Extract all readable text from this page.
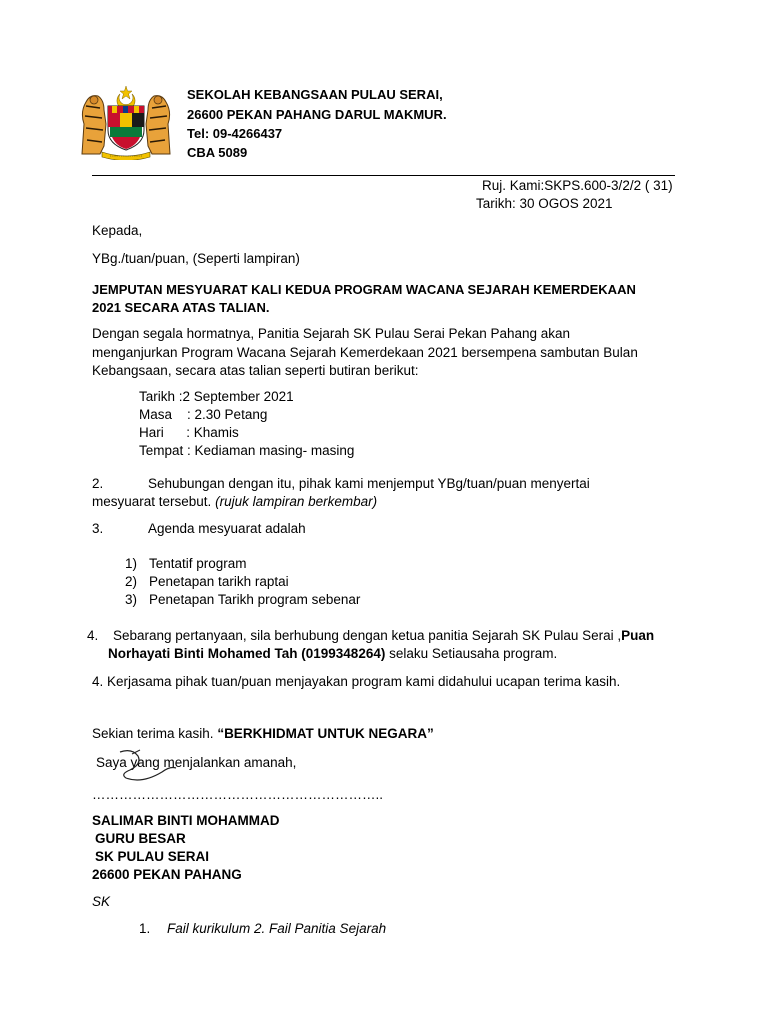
SEKOLAH KEBANGSAAN PULAU SERAI,
26600 PEKAN PAHANG DARUL MAKMUR.
Tel: 09-4266437
CBA 5089
Ruj. Kami:SKPS.600-3/2/2 ( 31)
Tarikh: 30 OGOS 2021
Kepada,
YBg./tuan/puan, (Seperti lampiran)
JEMPUTAN MESYUARAT KALI KEDUA PROGRAM WACANA SEJARAH KEMERDEKAAN
2021 SECARA ATAS TALIAN.
Dengan segala hormatnya, Panitia Sejarah SK Pulau Serai Pekan Pahang akan
menganjurkan Program Wacana Sejarah Kemerdekaan 2021 bersempena sambutan Bulan
Kebangsaan, secara atas talian seperti butiran berikut:
Tarikh :2 September 2021
Masa    : 2.30 Petang
Hari      : Khamis
Tempat : Kediaman masing- masing
2.	Sehubungan dengan itu, pihak kami menjemput YBg/tuan/puan menyertai
mesyuarat tersebut. (rujuk lampiran berkembar)
3.	Agenda mesyuarat adalah
1) Tentatif program
2) Penetapan tarikh raptai
3) Penetapan Tarikh program sebenar
4. Sebarang pertanyaan, sila berhubung dengan ketua panitia Sejarah SK Pulau Serai ,Puan
Norhayati Binti Mohamed Tah (0199348264) selaku Setiausaha program.
4. Kerjasama pihak tuan/puan menjayakan program kami didahului ucapan terima kasih.
Sekian terima kasih. “BERKHIDMAT UNTUK NEGARA”
Saya yang menjalankan amanah,
………………………………………………………..
SALIMAR BINTI MOHAMMAD
GURU BESAR
SK PULAU SERAI
26600 PEKAN PAHANG
SK
1. Fail kurikulum 2. Fail Panitia Sejarah
